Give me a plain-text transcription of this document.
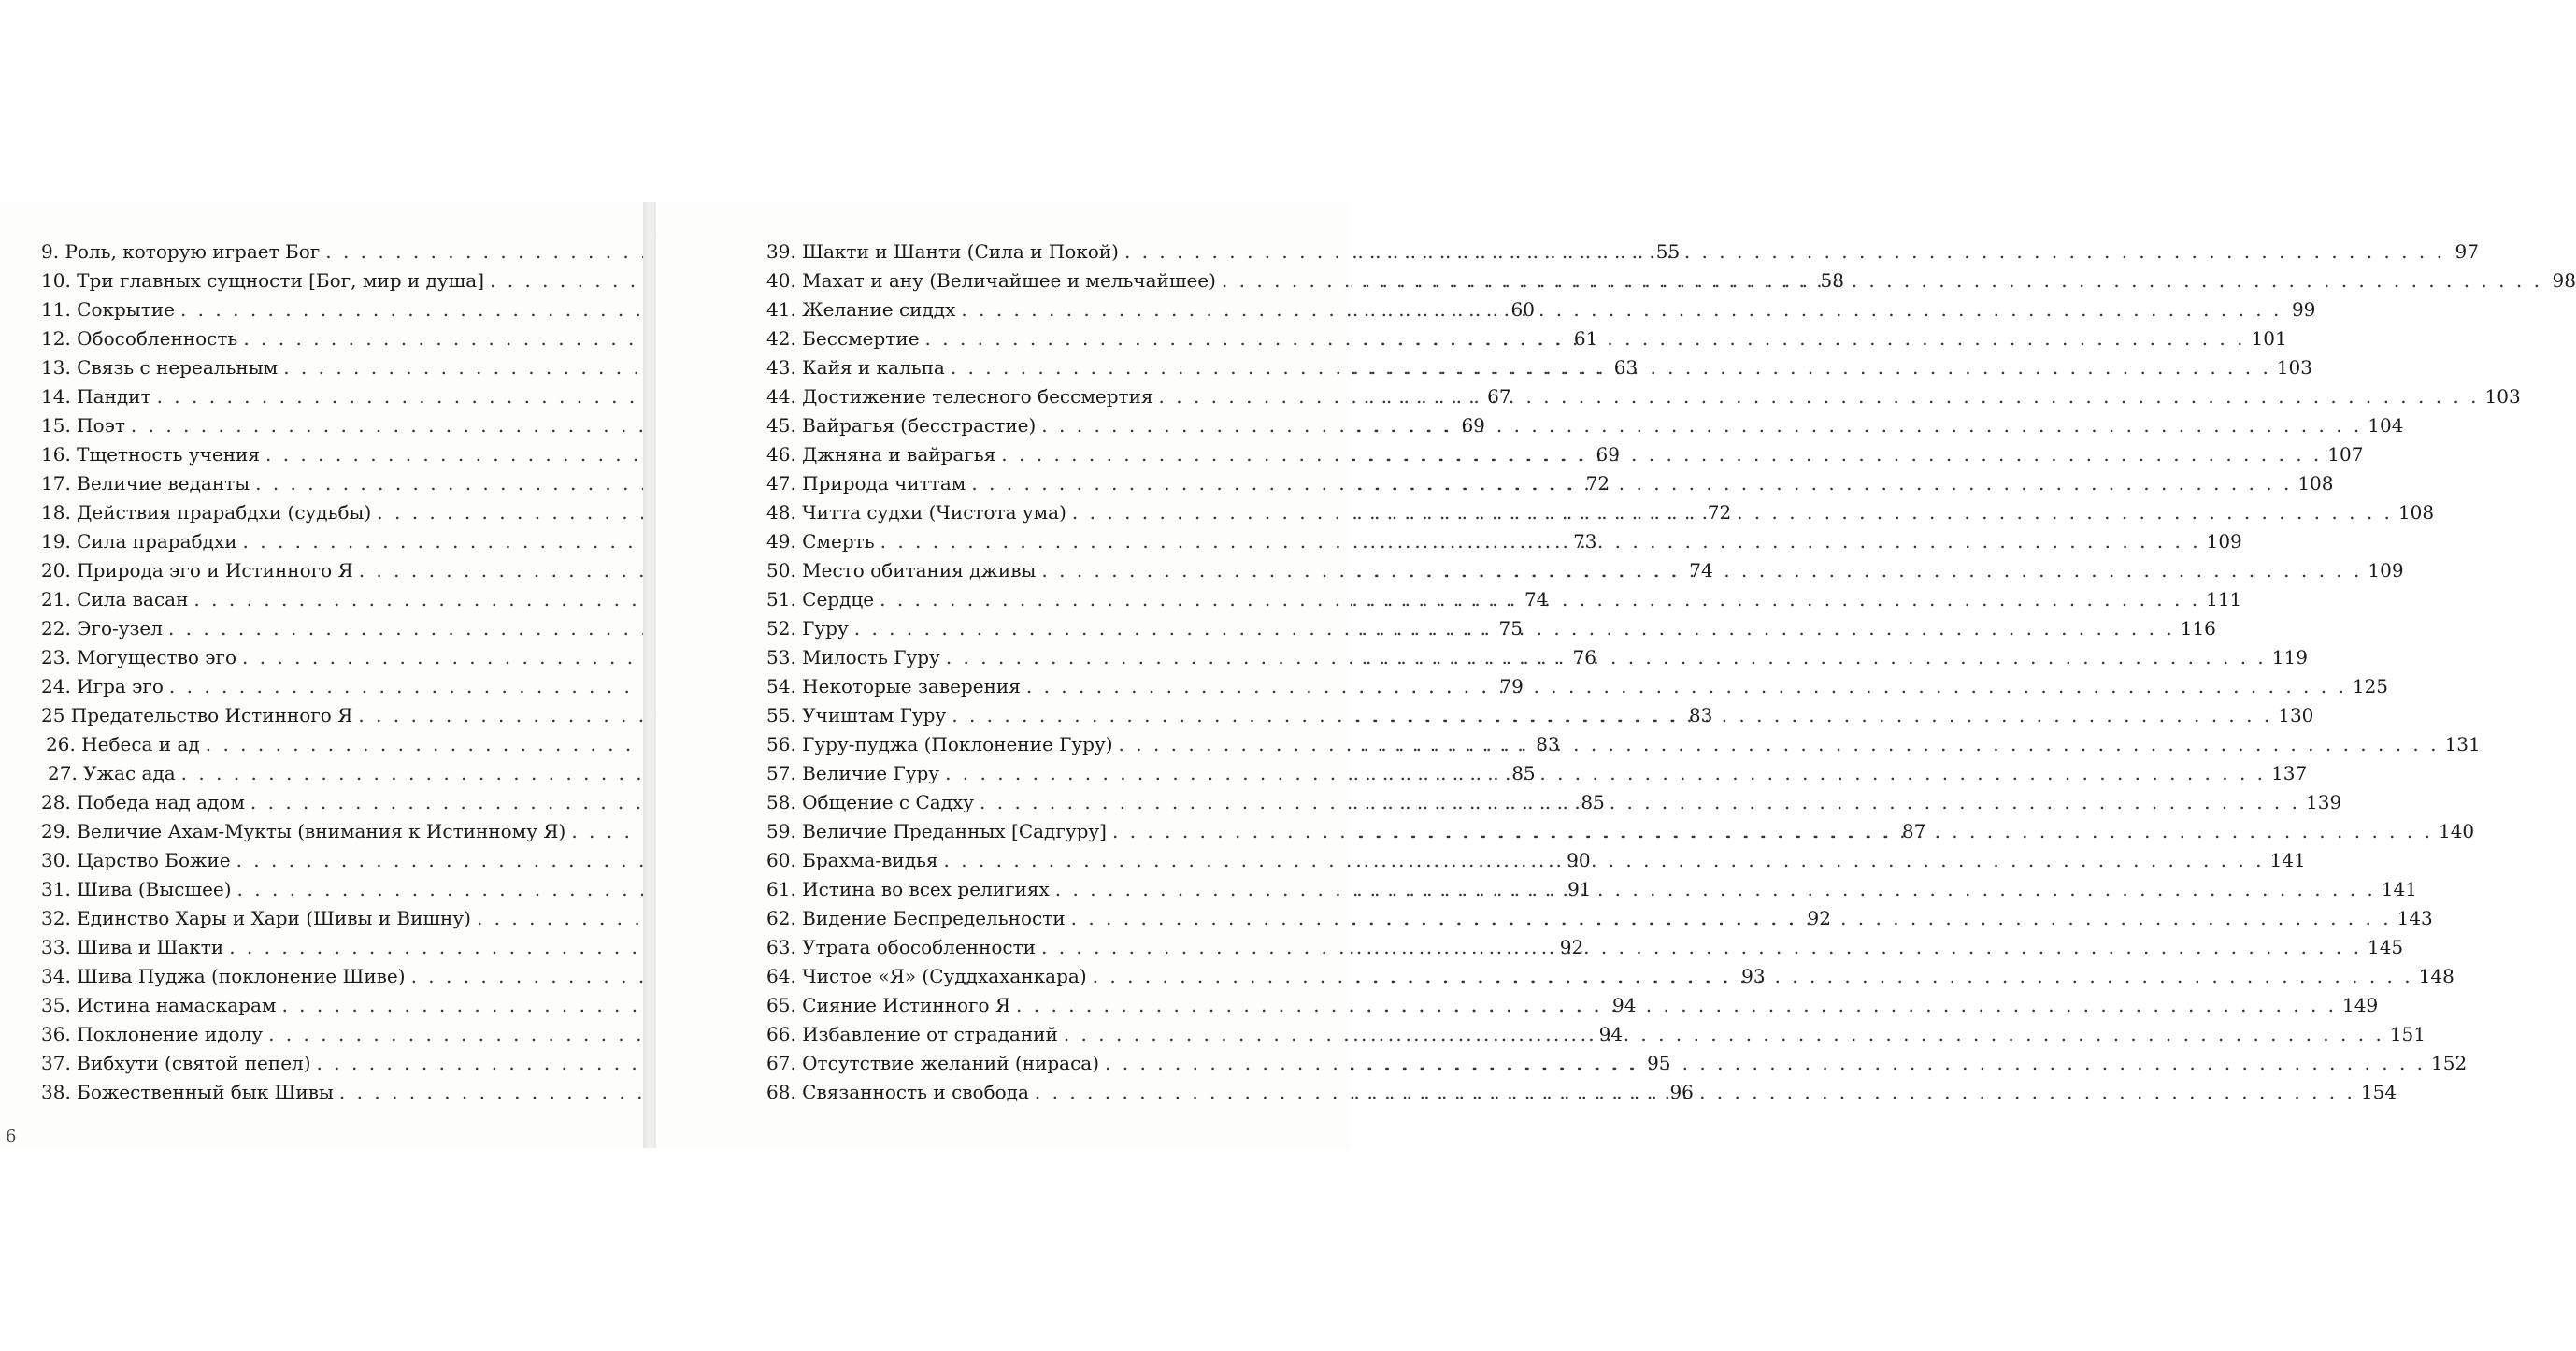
9. Роль, которую играет Бог . . .	55
10. Три главных сущности [Бог, мир и душа] . . .	58
11. Сокрытие . . .	60
12. Обособленность . . .	61
13. Связь с нереальным . . .	63
14. Пандит . . .	67
15. Поэт . . .	69
16. Тщетность учения . . .	69
17. Величие веданты . . .	72
18. Действия прарабдхи (судьбы) . . .	72
19. Сила прарабдхи . . .	73
20. Природа эго и Истинного Я . . .	74
21. Сила васан . . .	74
22. Эго-узел . . .	75
23. Могущество эго . . .	76
24. Игра эго . . .	79
25 Предательство Истинного Я . . .	83
26. Небеса и ад . . .	83
27. Ужас ада . . .	85
28. Победа над адом . . .	85
29. Величие Ахам-Мукты (внимания к Истинному Я) . . .	87
30. Царство Божие . . .	90
31. Шива (Высшее) . . .	91
32. Единство Хары и Хари (Шивы и Вишну) . . .	92
33. Шива и Шакти . . .	92
34. Шива Пуджа (поклонение Шиве) . . .	93
35. Истина намаскарам . . .	94
36. Поклонение идолу . . .	94
37. Вибхути (святой пепел) . . .	95
38. Божественный бык Шивы . . .	96

6

39. Шакти и Шанти (Сила и Покой) . . .	97
40. Махат и ану (Величайшее и мельчайшее) . . .	98
41. Желание сиддх . . .	99
42. Бессмертие . . .	101
43. Кайя и кальпа . . .	103
44. Достижение телесного бессмертия . . .	103
45. Вайрагья (бесстрастие) . . .	104
46. Джняна и вайрагья . . .	107
47. Природа читтам . . .	108
48. Читта судхи (Чистота ума) . . .	108
49. Смерть . . .	109
50. Место обитания дживы . . .	109
51. Сердце . . .	111
52. Гуру . . .	116
53. Милость Гуру . . .	119
54. Некоторые заверения . . .	125
55. Учиштам Гуру . . .	130
56. Гуру-пуджа (Поклонение Гуру) . . .	131
57. Величие Гуру . . .	137
58. Общение с Садху . . .	139
59. Величие Преданных [Садгуру] . . .	140
60. Брахма-видья . . .	141
61. Истина во всех религиях . . .	141
62. Видение Беспредельности . . .	143
63. Утрата обособленности . . .	145
64. Чистое «Я» (Суддхаханкара) . . .	148
65. Сияние Истинного Я . . .	149
66. Избавление от страданий . . .	151
67. Отсутствие желаний (нираса) . . .	152
68. Связанность и свобода . . .	154
